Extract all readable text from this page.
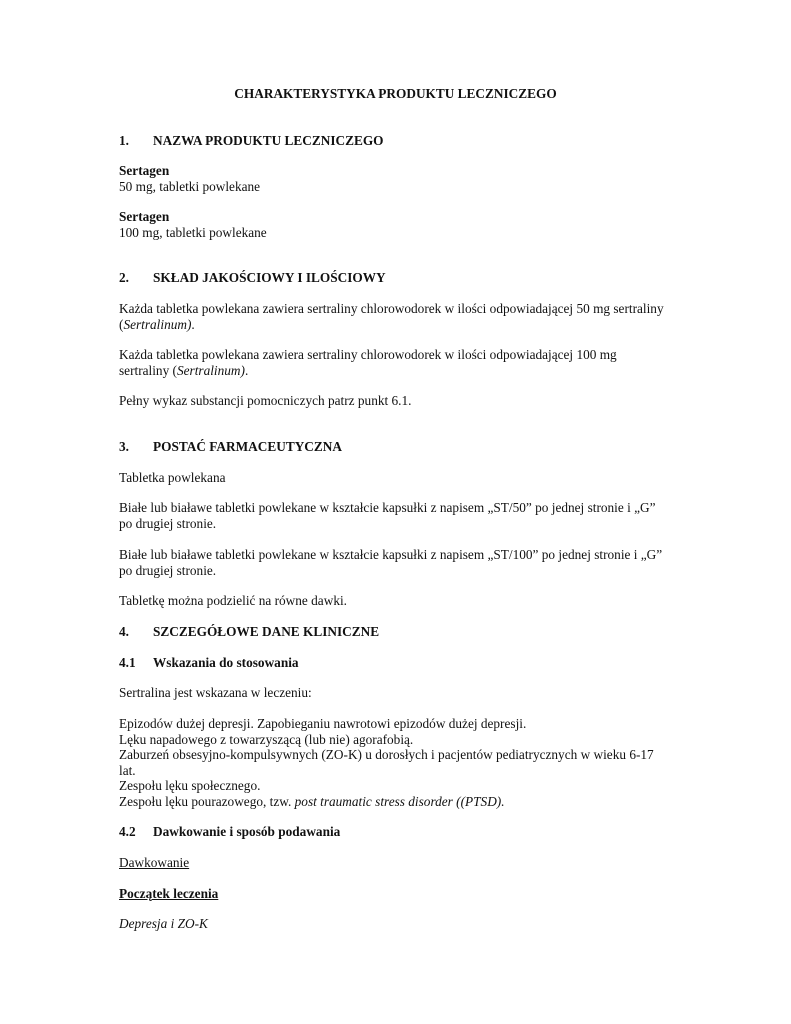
CHARAKTERYSTYKA PRODUKTU LECZNICZEGO
1. NAZWA PRODUKTU LECZNICZEGO
Sertagen
50 mg, tabletki powlekane
Sertagen
100 mg, tabletki powlekane
2. SKŁAD JAKOŚCIOWY I ILOŚCIOWY
Każda tabletka powlekana zawiera sertraliny chlorowodorek w ilości odpowiadającej 50 mg sertraliny
(Sertralinum).
Każda tabletka powlekana zawiera sertraliny chlorowodorek w ilości odpowiadającej 100 mg
sertraliny (Sertralinum).
Pełny wykaz substancji pomocniczych patrz punkt 6.1.
3. POSTAĆ FARMACEUTYCZNA
Tabletka powlekana
Białe lub białawe tabletki powlekane w kształcie kapsułki z napisem „ST/50” po jednej stronie i „G”
po drugiej stronie.
Białe lub białawe tabletki powlekane w kształcie kapsułki z napisem „ST/100” po jednej stronie i „G”
po drugiej stronie.
Tabletkę można podzielić na równe dawki.
4. SZCZEGÓŁOWE DANE KLINICZNE
4.1 Wskazania do stosowania
Sertralina jest wskazana w leczeniu:
Epizodów dużej depresji. Zapobieganiu nawrotowi epizodów dużej depresji.
Lęku napadowego z towarzyszącą (lub nie) agorafobią.
Zaburzeń obsesyjno-kompulsywnych (ZO-K) u dorosłych i pacjentów pediatrycznych w wieku 6-17
lat.
Zespołu lęku społecznego.
Zespołu lęku pourazowego, tzw. post traumatic stress disorder ((PTSD).
4.2 Dawkowanie i sposób podawania
Dawkowanie
Początek leczenia
Depresja i ZO-K
